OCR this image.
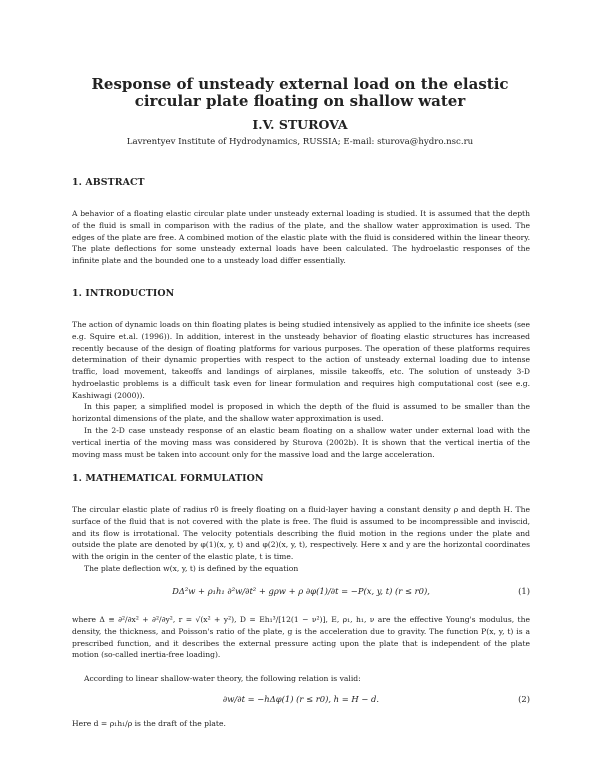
Response of unsteady external load on the elastic circular plate floating on shallow water
I.V. STUROVA
Lavrentyev Institute of Hydrodynamics, RUSSIA; E-mail: sturova@hydro.nsc.ru
1. ABSTRACT

A behavior of a floating elastic circular plate under unsteady external loading is studied. It is assumed that the depth of the fluid is small in comparison with the radius of the plate, and the shallow water approximation is used. The edges of the plate are free. A combined motion of the elastic plate with the fluid is considered within the linear theory. The plate deflections for some unsteady external loads have been calculated. The hydroelastic responses of the infinite plate and the bounded one to a unsteady load differ essentially.

1. INTRODUCTION

The action of dynamic loads on thin floating plates is being studied intensively as applied to the infinite ice sheets (see e.g. Squire et.al. (1996)). In addition, interest in the unsteady behavior of floating elastic structures has increased recently because of the design of floating platforms for various purposes. The operation of these platforms requires determination of their dynamic properties with respect to the action of unsteady external loading due to intense traffic, load movement, takeoffs and landings of airplanes, missile takeoffs, etc. The solution of unsteady 3-D hydroelastic problems is a difficult task even for linear formulation and requires high computational cost (see e.g. Kashiwagi (2000)).

In this paper, a simplified model is proposed in which the depth of the fluid is assumed to be smaller than the horizontal dimensions of the plate, and the shallow water approximation is used.

In the 2-D case unsteady response of an elastic beam floating on a shallow water under external load with the vertical inertia of the moving mass was considered by Sturova (2002b). It is shown that the vertical inertia of the moving mass must be taken into account only for the massive load and the large acceleration.

1. MATHEMATICAL FORMULATION

The circular elastic plate of radius r0 is freely floating on a fluid-layer having a constant density ρ and depth H. The surface of the fluid that is not covered with the plate is free. The fluid is assumed to be incompressible and inviscid, and its flow is irrotational. The velocity potentials describing the fluid motion in the regions under the plate and outside the plate are denoted by φ(1)(x, y, t) and φ(2)(x, y, t), respectively. Here x and y are the horizontal coordinates with the origin in the center of the elastic plate, t is time.

The plate deflection w(x, y, t) is defined by the equation

DΔ²w + ρ₁h₁ ∂²w/∂t² + gρw + ρ ∂φ(1)/∂t = −P(x, y, t) (r ≤ r0),	(1)

where Δ ≡ ∂²/∂x² + ∂²/∂y², r = √(x² + y²), D = Eh₁³/[12(1 − ν²)], E, ρ₁, h₁, ν are the effective Young's modulus, the density, the thickness, and Poisson's ratio of the plate, g is the acceleration due to gravity. The function P(x, y, t) is a prescribed function, and it describes the external pressure acting upon the plate that is independent of the plate motion (so-called inertia-free loading).

According to linear shallow-water theory, the following relation is valid:

∂w/∂t = −hΔφ(1) (r ≤ r0), h = H − d.	(2)

Here d = ρ₁h₁/ρ is the draft of the plate.
